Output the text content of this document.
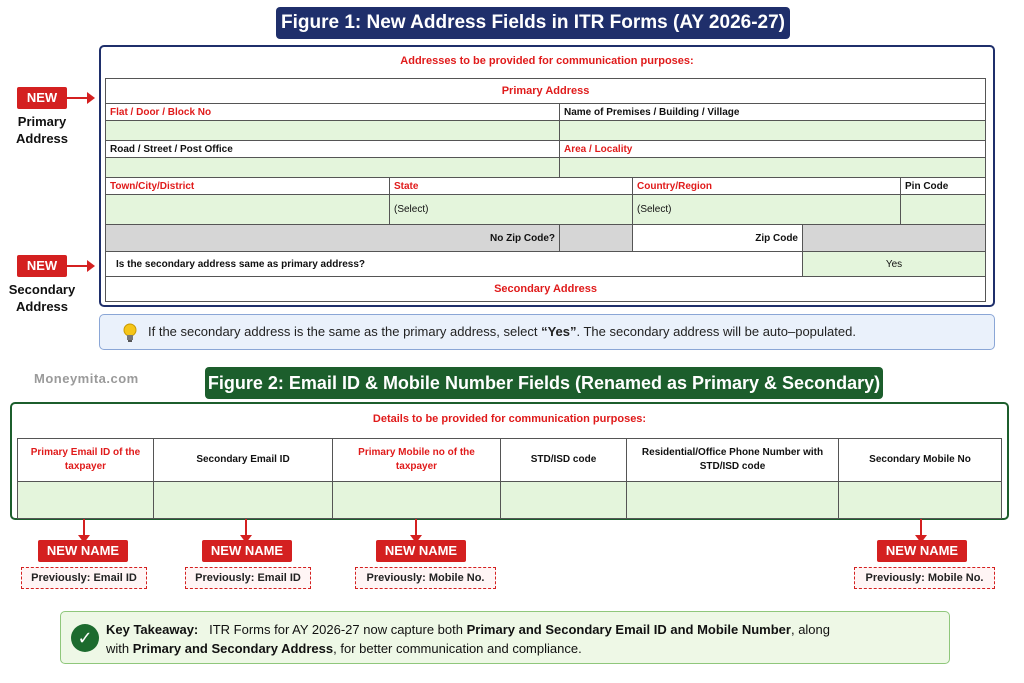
Figure 1: New Address Fields in ITR Forms (AY 2026-27)
NEW
Primary
Address
NEW
Secondary
Address
Addresses to be provided for communication purposes:
Primary Address					
Flat / Door / Block No		Name of Premises / Building / Village			

Road / Street / Post Office		Area / Locality			

Town/City/District	State		Country/Region		Pin Code
	(Select)		(Select)		
No Zip Code?			Zip Code		
Is the secondary address same as primary address?				Yes	
Secondary Address					
If the secondary address is the same as the primary address, select “Yes”. The secondary address will be auto–populated.
Moneymita.com	Figure 2: Email ID & Mobile Number Fields (Renamed as Primary & Secondary)
Details to be provided for communication purposes:
Primary Email ID of the taxpayer	Secondary Email ID	Primary Mobile no of the taxpayer	STD/ISD code	Residential/Office Phone Number with STD/ISD code	Secondary Mobile No

NEW NAME	NEW NAME	NEW NAME	NEW NAME
Previously: Email ID	Previously: Email ID	Previously: Mobile No.	Previously: Mobile No.
✓	Key Takeaway: ITR Forms for AY 2026-27 now capture both Primary and Secondary Email ID and Mobile Number, along
with Primary and Secondary Address, for better communication and compliance.
